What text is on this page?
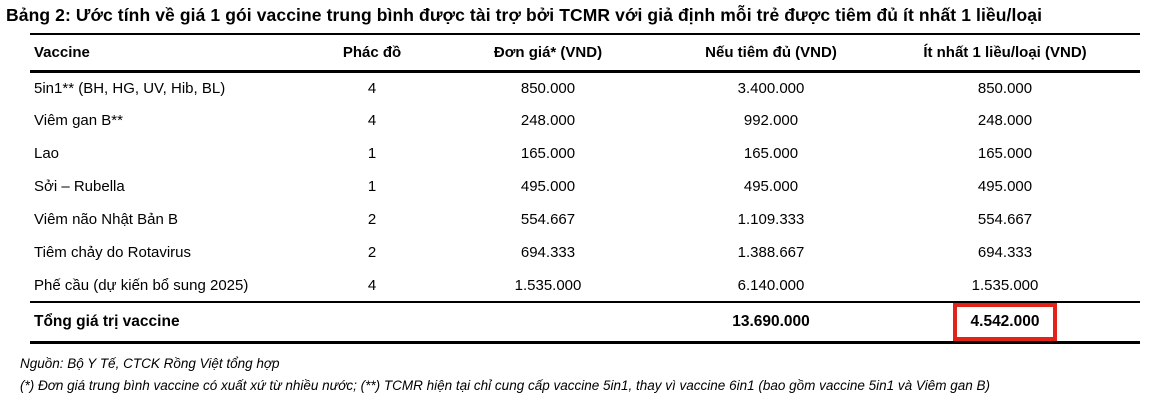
Bảng 2: Ước tính về giá 1 gói vaccine trung bình được tài trợ bởi TCMR với giả định mỗi trẻ được tiêm đủ ít nhất 1 liều/loại
Vaccine	Phác đồ	Đơn giá* (VND)	Nếu tiêm đủ (VND)	Ít nhất 1 liều/loại (VND)
5in1** (BH, HG, UV, Hib, BL)	4	850.000	3.400.000	850.000
Viêm gan B**	4	248.000	992.000	248.000
Lao	1	165.000	165.000	165.000
Sởi – Rubella	1	495.000	495.000	495.000
Viêm não Nhật Bản B	2	554.667	1.109.333	554.667
Tiêm chảy do Rotavirus	2	694.333	1.388.667	694.333
Phế cầu (dự kiến bổ sung 2025)	4	1.535.000	6.140.000	1.535.000
Tổng giá trị vaccine			13.690.000	4.542.000
Nguồn: Bộ Y Tế, CTCK Rồng Việt tổng hợp
(*) Đơn giá trung bình vaccine có xuất xứ từ nhiều nước; (**) TCMR hiện tại chỉ cung cấp vaccine 5in1, thay vì vaccine 6in1 (bao gồm vaccine 5in1 và Viêm gan B)
